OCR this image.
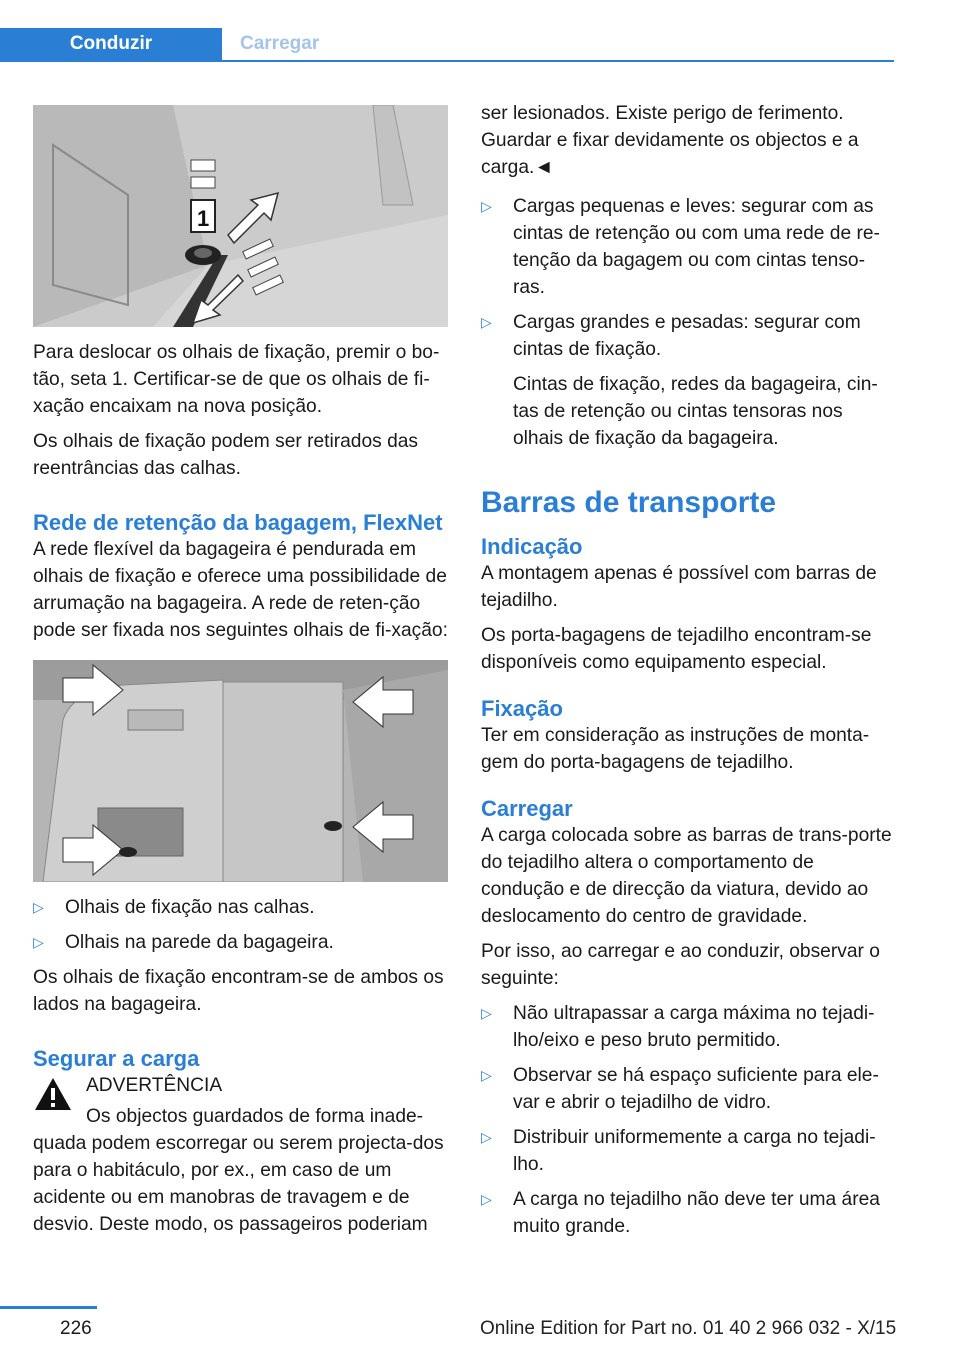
Conduzir	Carregar
1

Para deslocar os olhais de fixação, premir o bo-tão, seta 1. Certificar-se de que os olhais de fi-xação encaixam na nova posição.

Os olhais de fixação podem ser retirados das reentrâncias das calhas.

Rede de retenção da bagagem, FlexNet

A rede flexível da bagageira é pendurada em olhais de fixação e oferece uma possibilidade de arrumação na bagageira. A rede de reten-ção pode ser fixada nos seguintes olhais de fi-xação:

▷ Olhais de fixação nas calhas.
▷ Olhais na parede da bagageira.

Os olhais de fixação encontram-se de ambos os lados na bagageira.

Segurar a carga

ADVERTÊNCIA

Os objectos guardados de forma inade-quada podem escorregar ou serem projecta-dos para o habitáculo, por ex., em caso de um acidente ou em manobras de travagem e de desvio. Deste modo, os passageiros poderiam

ser lesionados. Existe perigo de ferimento. Guardar e fixar devidamente os objectos e a carga.◄

▷ Cargas pequenas e leves: segurar com as cintas de retenção ou com uma rede de re-tenção da bagagem ou com cintas tenso-ras.
▷ Cargas grandes e pesadas: segurar com cintas de fixação.

Cintas de fixação, redes da bagageira, cin-tas de retenção ou cintas tensoras nos olhais de fixação da bagageira.

Barras de transporte
Indicação

A montagem apenas é possível com barras de tejadilho.

Os porta-bagagens de tejadilho encontram-se disponíveis como equipamento especial.

Fixação

Ter em consideração as instruções de monta-gem do porta-bagagens de tejadilho.

Carregar

A carga colocada sobre as barras de trans-porte do tejadilho altera o comportamento de condução e de direcção da viatura, devido ao deslocamento do centro de gravidade.

Por isso, ao carregar e ao conduzir, observar o seguinte:

▷ Não ultrapassar a carga máxima no tejadi-lho/eixo e peso bruto permitido.
▷ Observar se há espaço suficiente para ele-var e abrir o tejadilho de vidro.
▷ Distribuir uniformemente a carga no tejadi-lho.
▷ A carga no tejadilho não deve ter uma área muito grande.
226	Online Edition for Part no. 01 40 2 966 032 - X/15
